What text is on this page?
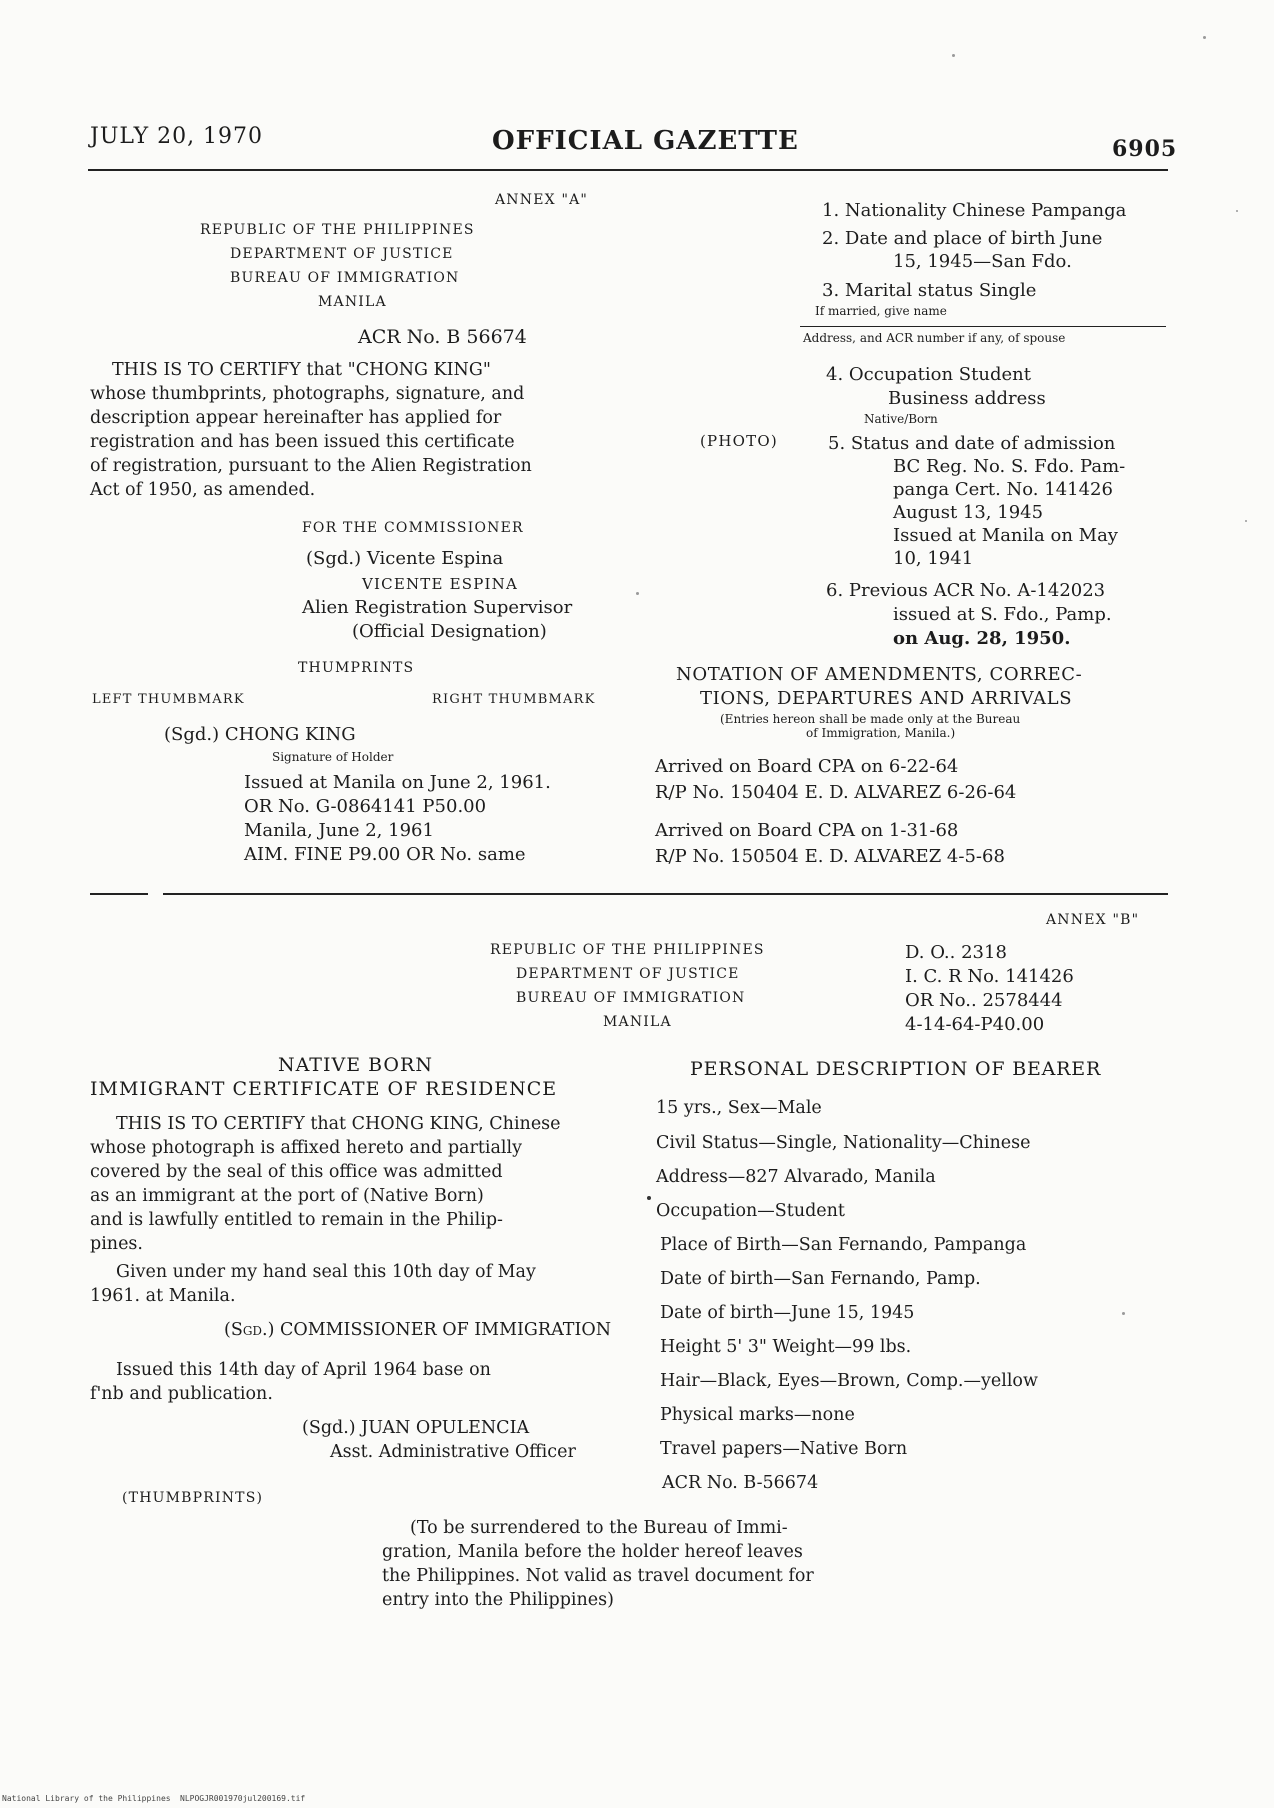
JULY 20, 1970	OFFICIAL GAZETTE	6905
ANNEX "A"
REPUBLIC OF THE PHILIPPINES
DEPARTMENT OF JUSTICE
BUREAU OF IMMIGRATION
MANILA
ACR No. B 56674
THIS IS TO CERTIFY that "CHONG KING"
whose thumbprints, photographs, signature, and
description appear hereinafter has applied for
registration and has been issued this certificate
of registration, pursuant to the Alien Registration
Act of 1950, as amended.
FOR THE COMMISSIONER
(Sgd.) Vicente Espina
VICENTE ESPINA
Alien Registration Supervisor
(Official Designation)
THUMPRINTS
LEFT THUMBMARK	RIGHT THUMBMARK
(Sgd.) CHONG KING
Signature of Holder
Issued at Manila on June 2, 1961.
OR No. G-0864141 P50.00
Manila, June 2, 1961
AIM. FINE P9.00 OR No. same
1. Nationality Chinese Pampanga
2. Date and place of birth June
15, 1945—San Fdo.
3. Marital status Single
If married, give name
Address, and ACR number if any, of spouse
4. Occupation Student
Business address
Native/Born
(PHOTO)	5. Status and date of admission
BC Reg. No. S. Fdo. Pam-
panga Cert. No. 141426
August 13, 1945
Issued at Manila on May
10, 1941
6. Previous ACR No. A-142023
issued at S. Fdo., Pamp.
on Aug. 28, 1950.
NOTATION OF AMENDMENTS, CORREC-
TIONS, DEPARTURES AND ARRIVALS
(Entries hereon shall be made only at the Bureau
of Immigration, Manila.)
Arrived on Board CPA on 6-22-64
R/P No. 150404 E. D. ALVAREZ 6-26-64
Arrived on Board CPA on 1-31-68
R/P No. 150504 E. D. ALVAREZ 4-5-68
ANNEX "B"
REPUBLIC OF THE PHILIPPINES
DEPARTMENT OF JUSTICE
BUREAU OF IMMIGRATION
MANILA
D. O.. 2318
I. C. R No. 141426
OR No.. 2578444
4-14-64-P40.00
NATIVE BORN
IMMIGRANT CERTIFICATE OF RESIDENCE
THIS IS TO CERTIFY that CHONG KING, Chinese
whose photograph is affixed hereto and partially
covered by the seal of this office was admitted
as an immigrant at the port of (Native Born)
and is lawfully entitled to remain in the Philip-
pines.
Given under my hand seal this 10th day of May
1961. at Manila.
(Sgd.) COMMISSIONER OF IMMIGRATION
Issued this 14th day of April 1964 base on
f'nb and publication.
(Sgd.) JUAN OPULENCIA
Asst. Administrative Officer
(THUMBPRINTS)
PERSONAL DESCRIPTION OF BEARER
15 yrs., Sex—Male
Civil Status—Single, Nationality—Chinese
Address—827 Alvarado, Manila
Occupation—Student
Place of Birth—San Fernando, Pampanga
Date of birth—San Fernando, Pamp.
Date of birth—June 15, 1945
Height 5' 3" Weight—99 lbs.
Hair—Black, Eyes—Brown, Comp.—yellow
Physical marks—none
Travel papers—Native Born
ACR No. B-56674
(To be surrendered to the Bureau of Immi-
gration, Manila before the holder hereof leaves
the Philippines. Not valid as travel document for
entry into the Philippines)
National Library of the Philippines NLPOGJR001970jul200169.tif
